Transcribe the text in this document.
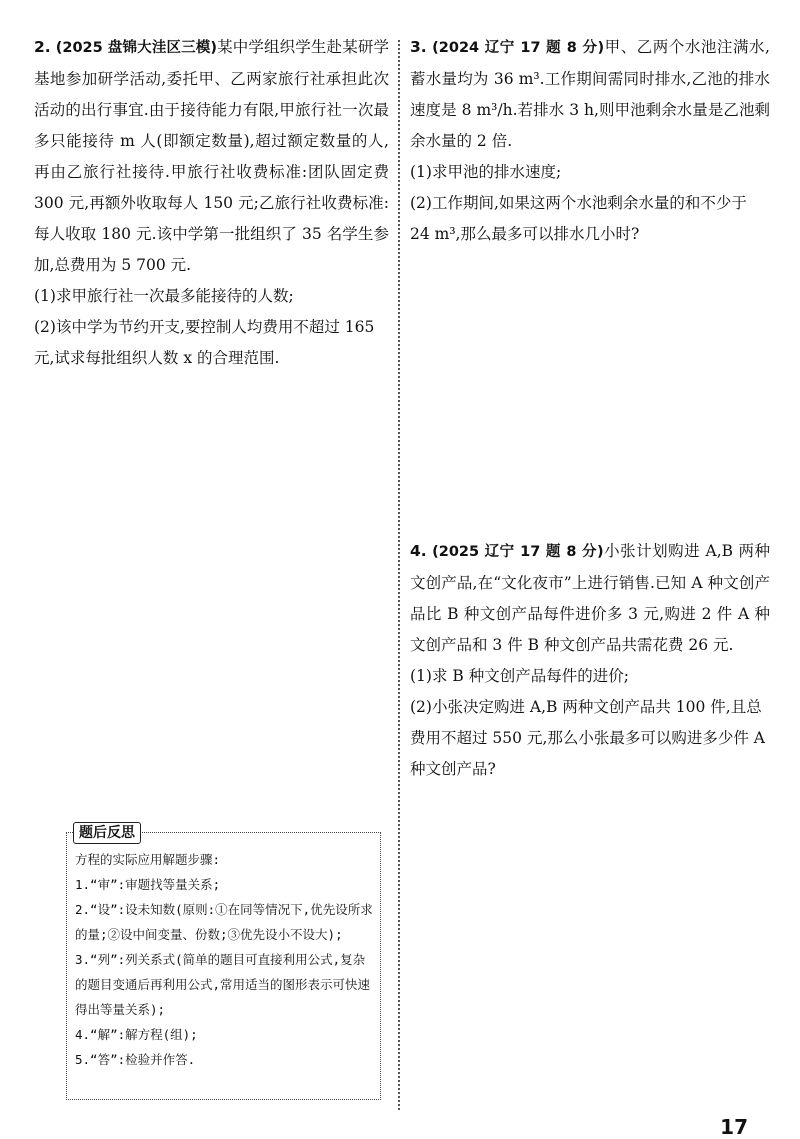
2. (2025 盘锦大洼区三模)某中学组织学生赴某研学基地参加研学活动,委托甲、乙两家旅行社承担此次活动的出行事宜.由于接待能力有限,甲旅行社一次最多只能接待 m 人(即额定数量),超过额定数量的人,再由乙旅行社接待.甲旅行社收费标准:团队固定费 300 元,再额外收取每人 150 元;乙旅行社收费标准:每人收取 180 元.该中学第一批组织了 35 名学生参加,总费用为 5 700 元.

(1)求甲旅行社一次最多能接待的人数;

(2)该中学为节约开支,要控制人均费用不超过 165 元,试求每批组织人数 x 的合理范围.

3. (2024 辽宁 17 题 8 分)甲、乙两个水池注满水,蓄水量均为 36 m³.工作期间需同时排水,乙池的排水速度是 8 m³/h.若排水 3 h,则甲池剩余水量是乙池剩余水量的 2 倍.

(1)求甲池的排水速度;

(2)工作期间,如果这两个水池剩余水量的和不少于 24 m³,那么最多可以排水几小时?

4. (2025 辽宁 17 题 8 分)小张计划购进 A,B 两种文创产品,在“文化夜市”上进行销售.已知 A 种文创产品比 B 种文创产品每件进价多 3 元,购进 2 件 A 种文创产品和 3 件 B 种文创产品共需花费 26 元.

(1)求 B 种文创产品每件的进价;

(2)小张决定购进 A,B 两种文创产品共 100 件,且总费用不超过 550 元,那么小张最多可以购进多少件 A 种文创产品?

题后反思

方程的实际应用解题步骤:

1.“审”:审题找等量关系;

2.“设”:设未知数(原则:①在同等情况下,优先设所求的量;②设中间变量、份数;③优先设小不设大);

3.“列”:列关系式(简单的题目可直接利用公式,复杂的题目变通后再利用公式,常用适当的图形表示可快速得出等量关系);

4.“解”:解方程(组);

5.“答”:检验并作答.

17
